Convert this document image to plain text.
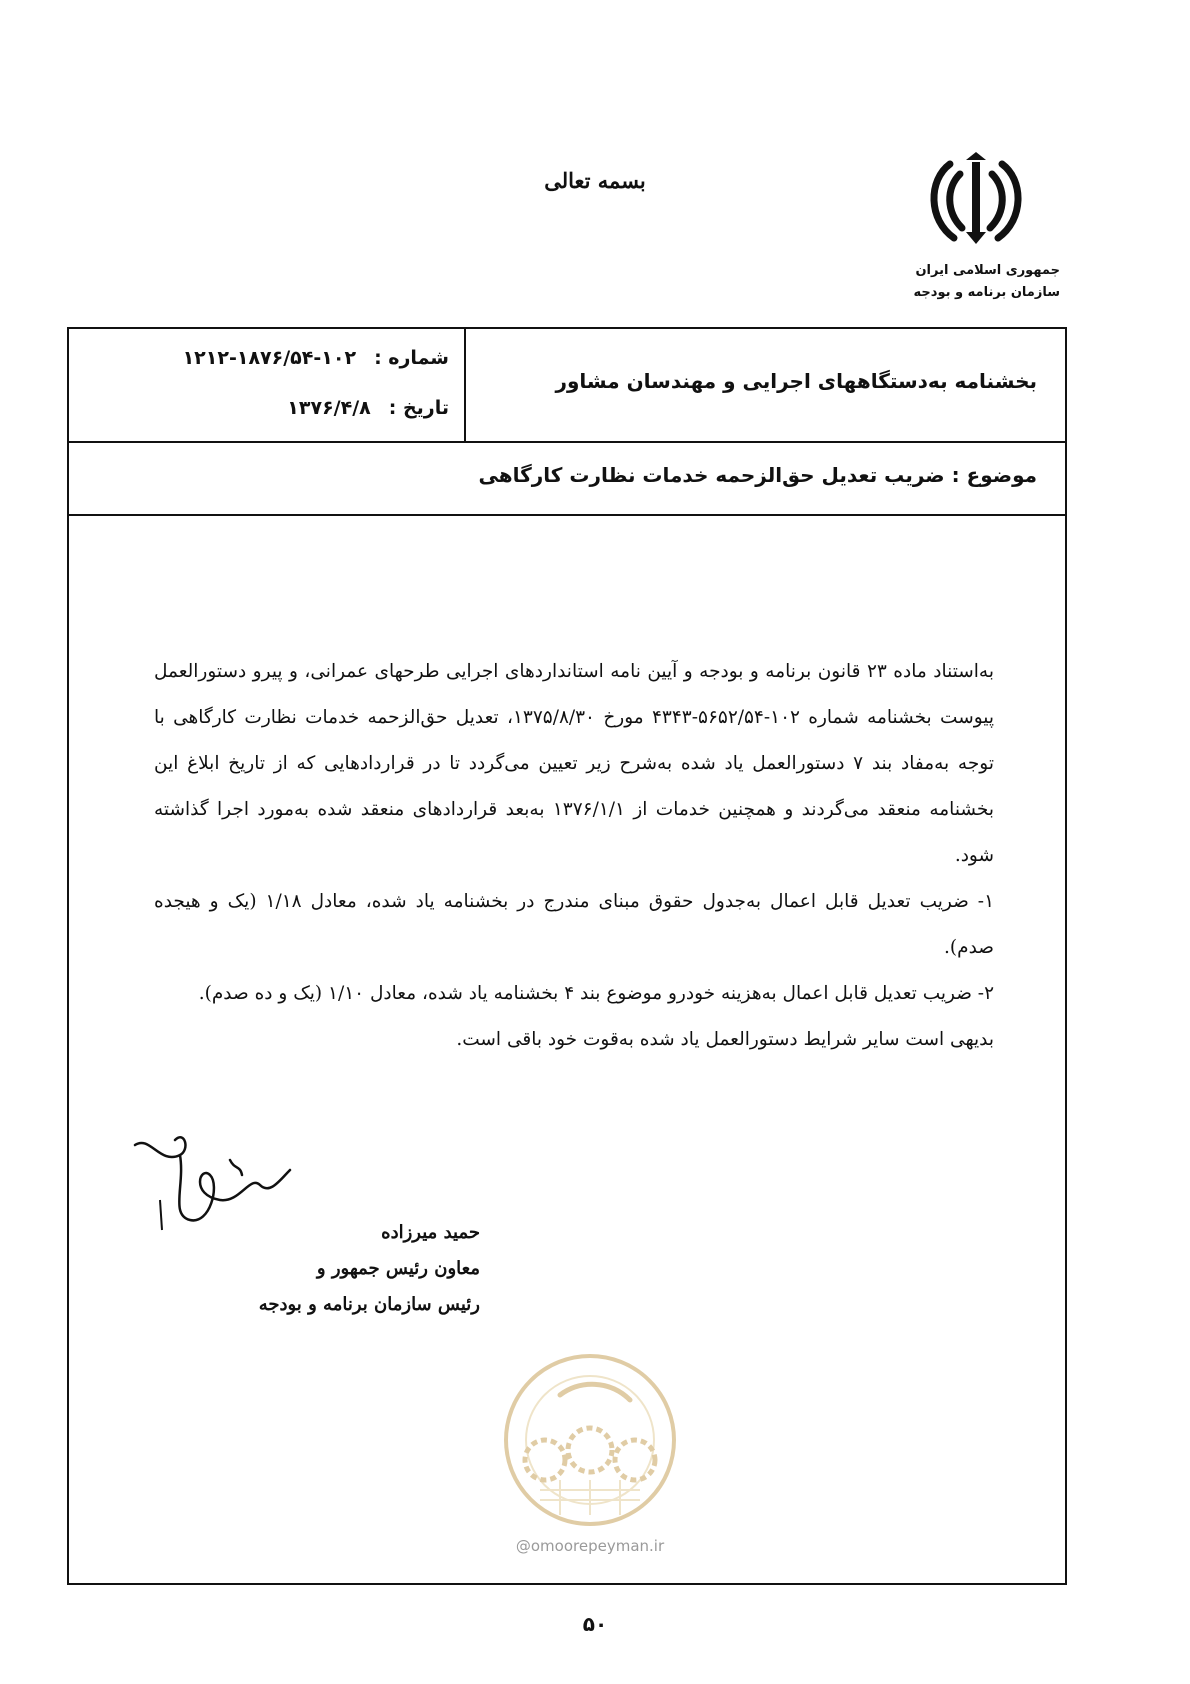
بسمه تعالی
جمهوری اسلامی ایران
سازمان برنامه و بودجه
بخشنامه به‌دستگاههای اجرایی و مهندسان مشاور
شماره :۱۰۲-۱۸۷۶/۵۴-۱۲۱۲
تاریخ :۱۳۷۶/۴/۸
موضوع : ضریب تعدیل حق‌الزحمه خدمات نظارت کارگاهی

به‌استناد ماده ۲۳ قانون برنامه و بودجه و آیین نامه استانداردهای اجرایی طرحهای عمرانی، و پیرو دستورالعمل پیوست بخشنامه شماره ۱۰۲-۵۶۵۲/۵۴-۴۳۴۳ مورخ ۱۳۷۵/۸/۳۰، تعدیل حق‌الزحمه خدمات نظارت کارگاهی با توجه به‌مفاد بند ۷ دستورالعمل یاد شده به‌شرح زیر تعیین می‌گردد تا در قراردادهایی که از تاریخ ابلاغ این بخشنامه منعقد می‌گردند و همچنین خدمات از ۱۳۷۶/۱/۱ به‌بعد قراردادهای منعقد شده به‌مورد اجرا گذاشته شود.

۱- ضریب تعدیل قابل اعمال به‌جدول حقوق مبنای مندرج در بخشنامه یاد شده، معادل ۱/۱۸ (یک و هیجده صدم).

۲- ضریب تعدیل قابل اعمال به‌هزینه خودرو موضوع بند ۴ بخشنامه یاد شده، معادل ۱/۱۰ (یک و ده صدم).

بدیهی است سایر شرایط دستورالعمل یاد شده به‌قوت خود باقی است.

حمید میرزاده
معاون رئیس جمهور و
رئیس سازمان برنامه و بودجه
@omoorepeyman.ir
۵۰
